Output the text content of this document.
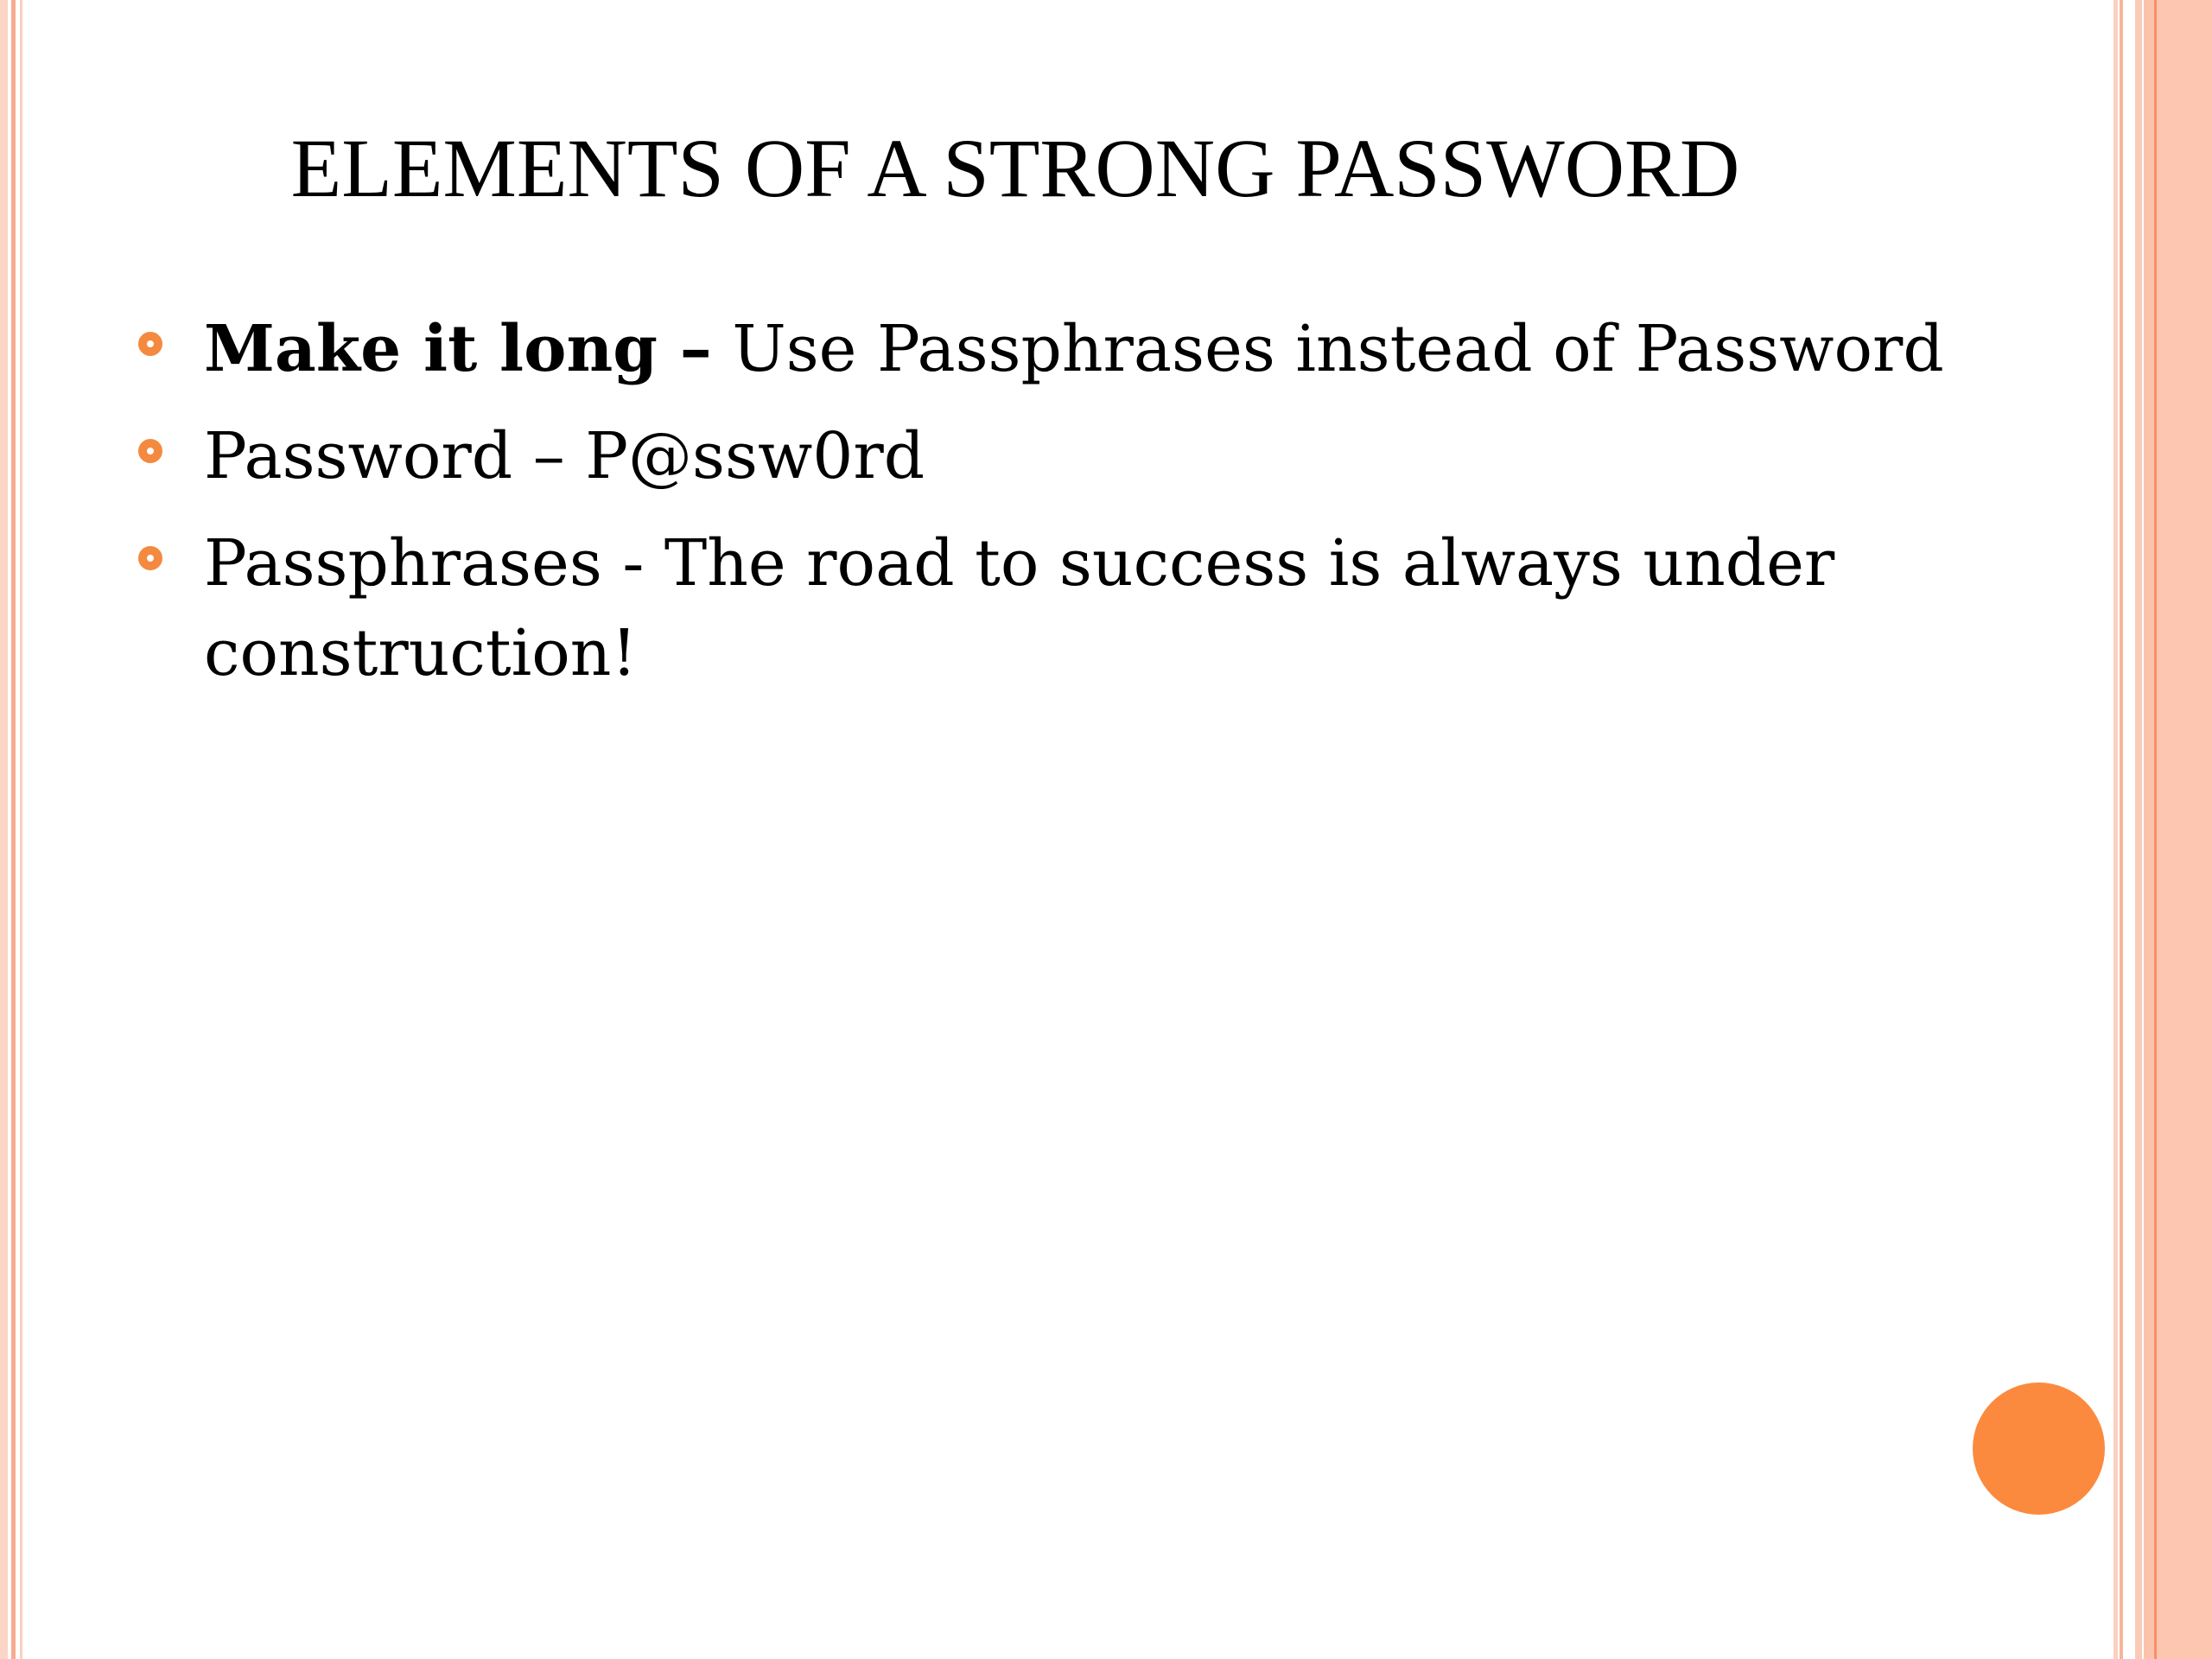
ELEMENTS OF A STRONG PASSWORD
Make it long – Use Passphrases instead of Password
Password – P@ssw0rd
Passphrases - The road to success is always under construction!
